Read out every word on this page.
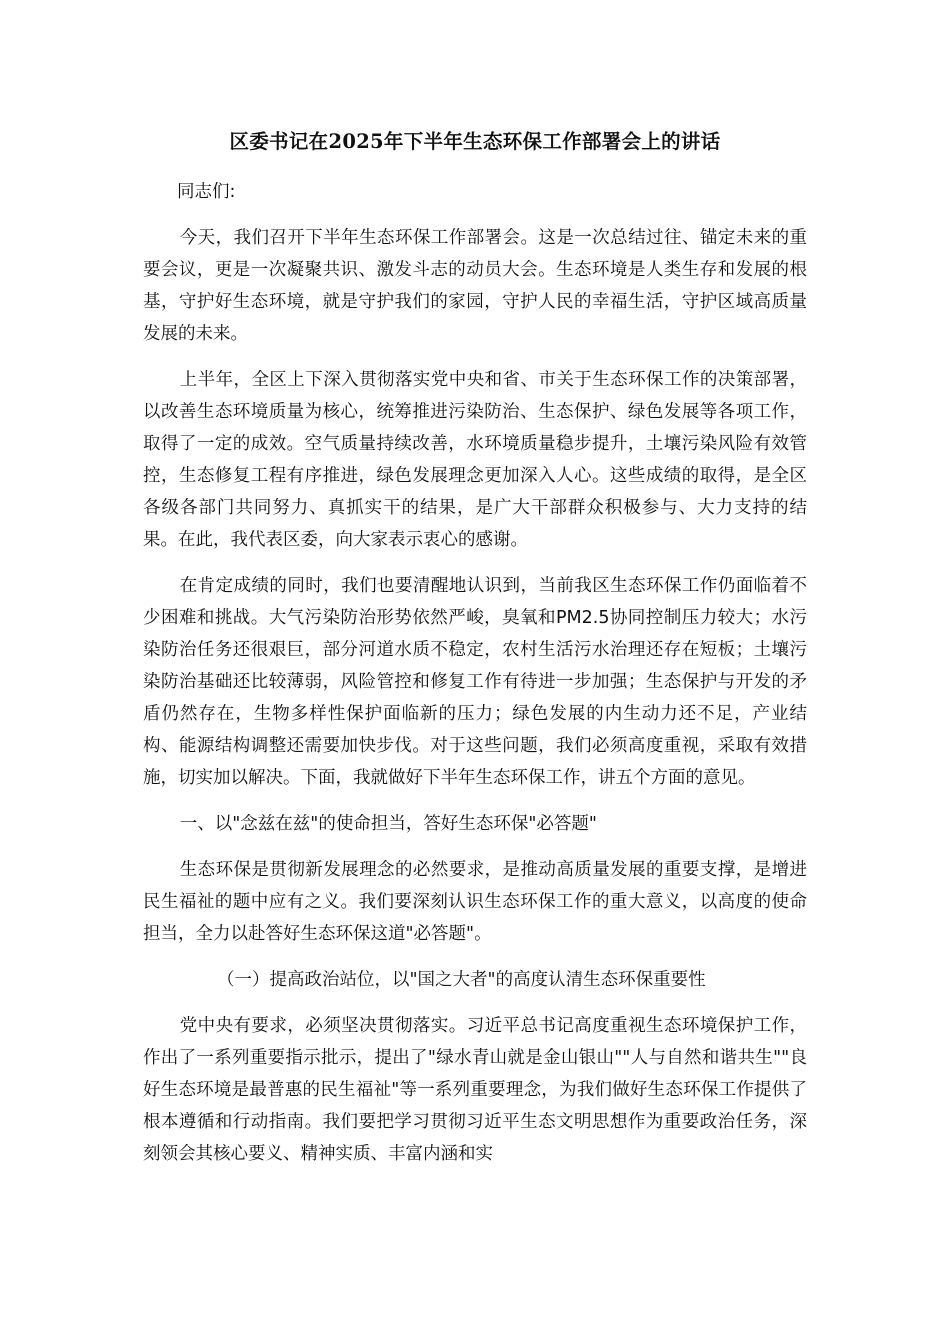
区委书记在2025年下半年生态环保工作部署会上的讲话

同志们:

今天，我们召开下半年生态环保工作部署会。这是一次总结过往、锚定未来的重要会议，更是一次凝聚共识、激发斗志的动员大会。生态环境是人类生存和发展的根基，守护好生态环境，就是守护我们的家园，守护人民的幸福生活，守护区域高质量发展的未来。

上半年，全区上下深入贯彻落实党中央和省、市关于生态环保工作的决策部署，以改善生态环境质量为核心，统筹推进污染防治、生态保护、绿色发展等各项工作，取得了一定的成效。空气质量持续改善，水环境质量稳步提升，土壤污染风险有效管控，生态修复工程有序推进，绿色发展理念更加深入人心。这些成绩的取得，是全区各级各部门共同努力、真抓实干的结果，是广大干部群众积极参与、大力支持的结果。在此，我代表区委，向大家表示衷心的感谢。

在肯定成绩的同时，我们也要清醒地认识到，当前我区生态环保工作仍面临着不少困难和挑战。大气污染防治形势依然严峻，臭氧和PM2.5协同控制压力较大；水污染防治任务还很艰巨，部分河道水质不稳定，农村生活污水治理还存在短板；土壤污染防治基础还比较薄弱，风险管控和修复工作有待进一步加强；生态保护与开发的矛盾仍然存在，生物多样性保护面临新的压力；绿色发展的内生动力还不足，产业结构、能源结构调整还需要加快步伐。对于这些问题，我们必须高度重视，采取有效措施，切实加以解决。下面，我就做好下半年生态环保工作，讲五个方面的意见。

一、以"念兹在兹"的使命担当，答好生态环保"必答题"

生态环保是贯彻新发展理念的必然要求，是推动高质量发展的重要支撑，是增进民生福祉的题中应有之义。我们要深刻认识生态环保工作的重大意义，以高度的使命担当，全力以赴答好生态环保这道"必答题"。

（一）提高政治站位，以"国之大者"的高度认清生态环保重要性

党中央有要求，必须坚决贯彻落实。习近平总书记高度重视生态环境保护工作，作出了一系列重要指示批示，提出了"绿水青山就是金山银山""人与自然和谐共生""良好生态环境是最普惠的民生福祉"等一系列重要理念，为我们做好生态环保工作提供了根本遵循和行动指南。我们要把学习贯彻习近平生态文明思想作为重要政治任务，深刻领会其核心要义、精神实质、丰富内涵和实
